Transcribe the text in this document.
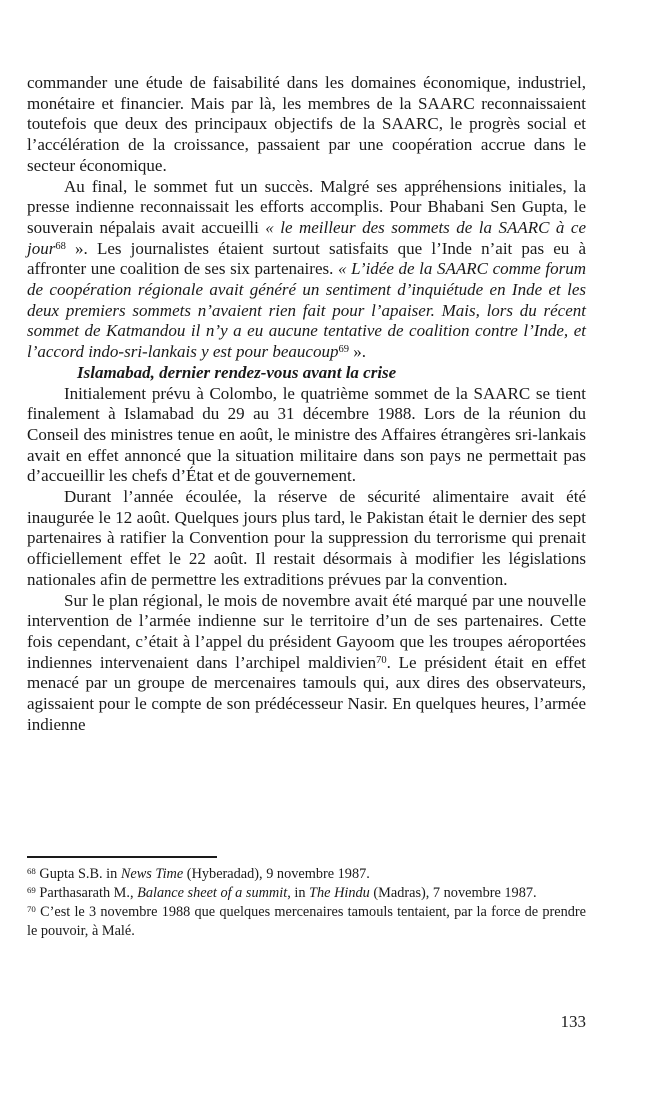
commander une étude de faisabilité dans les domaines économique, industriel, monétaire et financier. Mais par là, les membres de la SAARC reconnaissaient toutefois que deux des principaux objectifs de la SAARC, le progrès social et l’accélération de la croissance, passaient par une coopération accrue dans le secteur économique.

Au final, le sommet fut un succès. Malgré ses appréhensions initiales, la presse indienne reconnaissait les efforts accomplis. Pour Bhabani Sen Gupta, le souverain népalais avait accueilli « le meilleur des sommets de la SAARC à ce jour$^{68}$ ». Les journalistes étaient surtout satisfaits que l’Inde n’ait pas eu à affronter une coalition de ses six partenaires. « L’idée de la SAARC comme forum de coopération régionale avait généré un sentiment d’inquiétude en Inde et les deux premiers sommets n’avaient rien fait pour l’apaiser. Mais, lors du récent sommet de Katmandou il n’y a eu aucune tentative de coalition contre l’Inde, et l’accord indo-sri-lankais y est pour beaucoup$^{69}$ ».

Islamabad, dernier rendez-vous avant la crise

Initialement prévu à Colombo, le quatrième sommet de la SAARC se tient finalement à Islamabad du 29 au 31 décembre 1988. Lors de la réunion du Conseil des ministres tenue en août, le ministre des Affaires étrangères sri-lankais avait en effet annoncé que la situation militaire dans son pays ne permettait pas d’accueillir les chefs d’État et de gouvernement.

Durant l’année écoulée, la réserve de sécurité alimentaire avait été inaugurée le 12 août. Quelques jours plus tard, le Pakistan était le dernier des sept partenaires à ratifier la Convention pour la suppression du terrorisme qui prenait officiellement effet le 22 août. Il restait désormais à modifier les législations nationales afin de permettre les extraditions prévues par la convention.

Sur le plan régional, le mois de novembre avait été marqué par une nouvelle intervention de l’armée indienne sur le territoire d’un de ses partenaires. Cette fois cependant, c’était à l’appel du président Gayoom que les troupes aéroportées indiennes intervenaient dans l’archipel maldivien$^{70}$. Le président était en effet menacé par un groupe de mercenaires tamouls qui, aux dires des observateurs, agissaient pour le compte de son prédécesseur Nasir. En quelques heures, l’armée indienne

$^{68}$ Gupta S.B. in News Time (Hyberadad), 9 novembre 1987.

$^{69}$ Parthasarath M., Balance sheet of a summit, in The Hindu (Madras), 7 novembre 1987.

$^{70}$ C’est le 3 novembre 1988 que quelques mercenaires tamouls tentaient, par la force de prendre le pouvoir, à Malé.

133
